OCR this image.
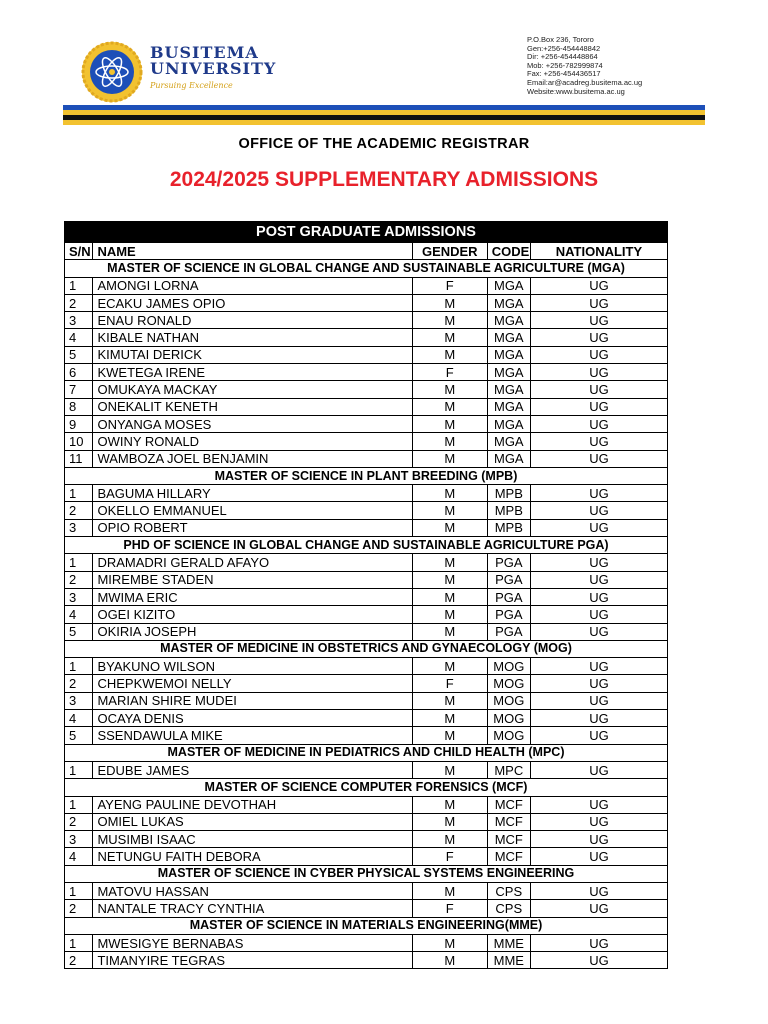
BUSITEMA
UNIVERSITY
Pursuing Excellence
P.O.Box 236, Tororo
Gen:+256-454448842
Dir: +256-454448864
Mob: +256-782999874
Fax: +256-454436517
Email:ar@acadreg.busitema.ac.ug
Website:www.busitema.ac.ug
OFFICE OF THE ACADEMIC REGISTRAR
2024/2025 SUPPLEMENTARY ADMISSIONS
POST GRADUATE ADMISSIONS				
S/N	NAME	GENDER	CODE	NATIONALITY
MASTER OF SCIENCE IN GLOBAL CHANGE AND SUSTAINABLE AGRICULTURE (MGA)				
1	AMONGI LORNA	F	MGA	UG
2	ECAKU JAMES OPIO	M	MGA	UG
3	ENAU RONALD	M	MGA	UG
4	KIBALE NATHAN	M	MGA	UG
5	KIMUTAI DERICK	M	MGA	UG
6	KWETEGA IRENE	F	MGA	UG
7	OMUKAYA MACKAY	M	MGA	UG
8	ONEKALIT KENETH	M	MGA	UG
9	ONYANGA MOSES	M	MGA	UG
10	OWINY RONALD	M	MGA	UG
11	WAMBOZA JOEL BENJAMIN	M	MGA	UG
MASTER OF SCIENCE IN PLANT BREEDING (MPB)				
1	BAGUMA HILLARY	M	MPB	UG
2	OKELLO EMMANUEL	M	MPB	UG
3	OPIO ROBERT	M	MPB	UG
PHD OF SCIENCE IN GLOBAL CHANGE AND SUSTAINABLE AGRICULTURE PGA)				
1	DRAMADRI GERALD AFAYO	M	PGA	UG
2	MIREMBE STADEN	M	PGA	UG
3	MWIMA ERIC	M	PGA	UG
4	OGEI KIZITO	M	PGA	UG
5	OKIRIA JOSEPH	M	PGA	UG
MASTER OF MEDICINE IN OBSTETRICS AND GYNAECOLOGY (MOG)				
1	BYAKUNO WILSON	M	MOG	UG
2	CHEPKWEMOI NELLY	F	MOG	UG
3	MARIAN SHIRE MUDEI	M	MOG	UG
4	OCAYA DENIS	M	MOG	UG
5	SSENDAWULA MIKE	M	MOG	UG
MASTER OF MEDICINE IN PEDIATRICS AND CHILD HEALTH (MPC)				
1	EDUBE JAMES	M	MPC	UG
MASTER OF SCIENCE COMPUTER FORENSICS (MCF)				
1	AYENG PAULINE DEVOTHAH	M	MCF	UG
2	OMIEL LUKAS	M	MCF	UG
3	MUSIMBI ISAAC	M	MCF	UG
4	NETUNGU FAITH DEBORA	F	MCF	UG
MASTER OF SCIENCE IN CYBER PHYSICAL SYSTEMS ENGINEERING				
1	MATOVU HASSAN	M	CPS	UG
2	NANTALE TRACY CYNTHIA	F	CPS	UG
MASTER OF SCIENCE IN MATERIALS ENGINEERING(MME)				
1	MWESIGYE BERNABAS	M	MME	UG
2	TIMANYIRE TEGRAS	M	MME	UG
